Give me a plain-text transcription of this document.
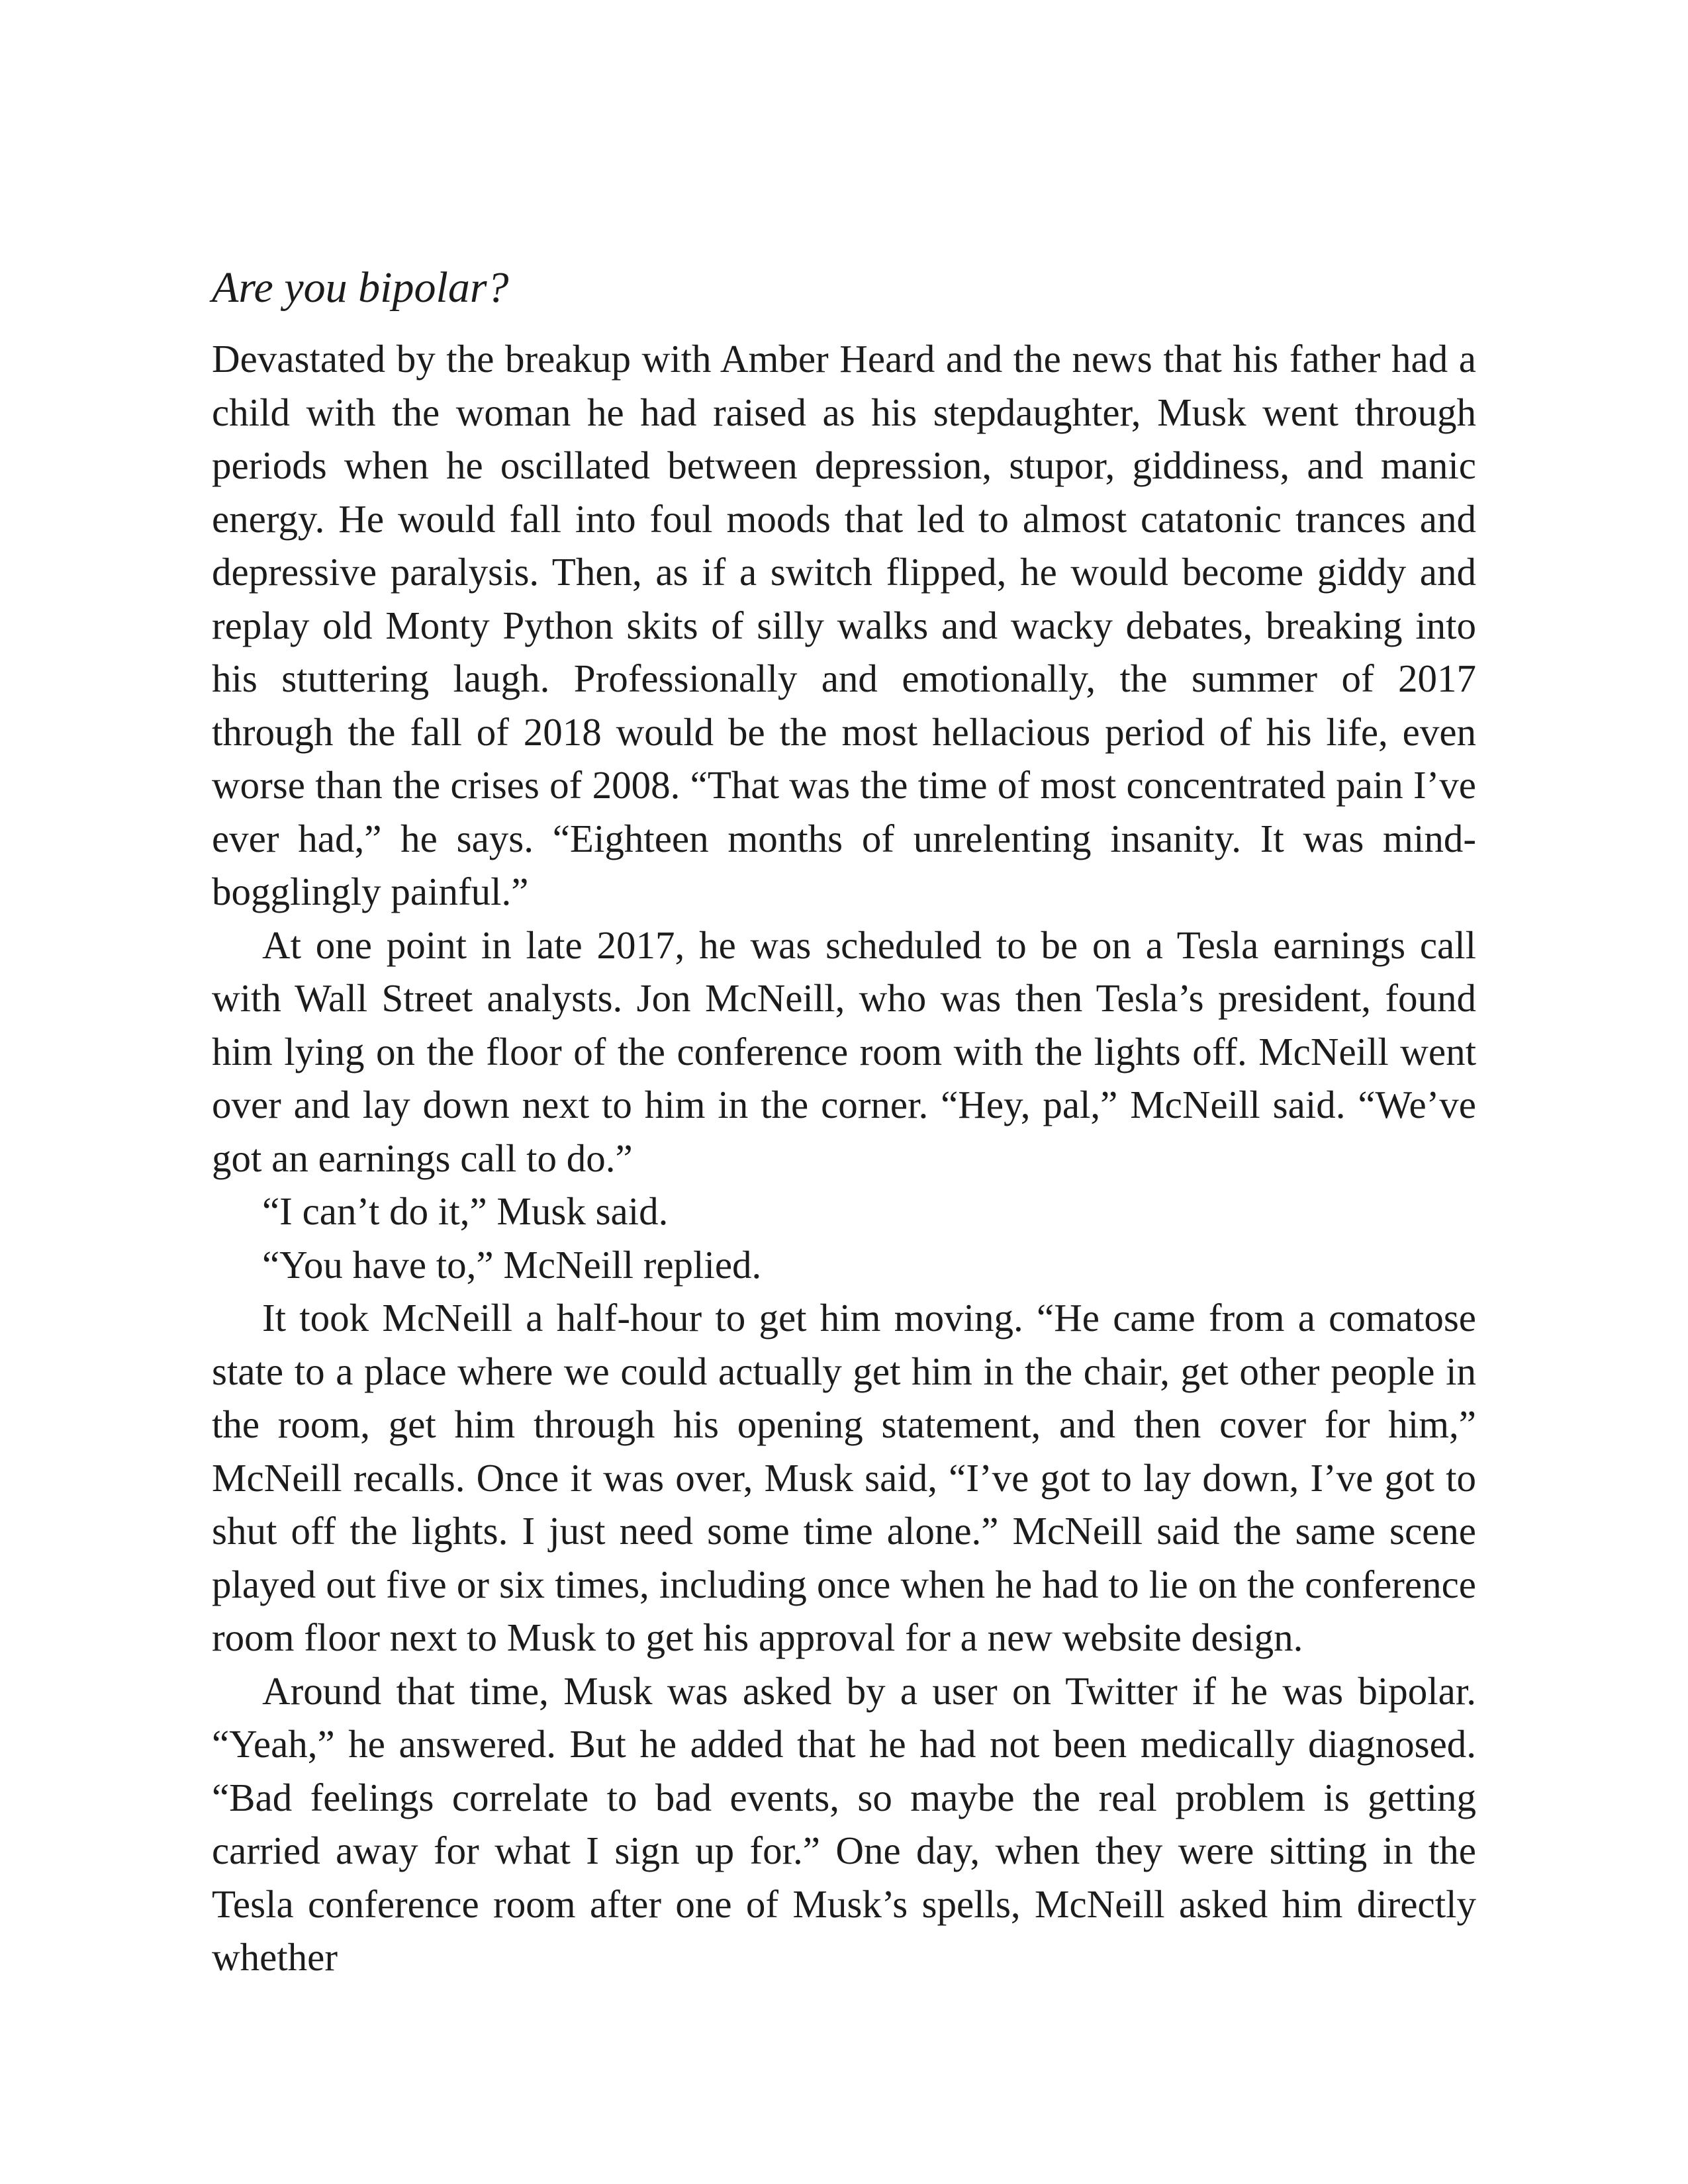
Are you bipolar?

Devastated by the breakup with Amber Heard and the news that his father had a child with the woman he had raised as his stepdaughter, Musk went through periods when he oscillated between depression, stupor, giddiness, and manic energy. He would fall into foul moods that led to almost catatonic trances and depressive paralysis. Then, as if a switch flipped, he would become giddy and replay old Monty Python skits of silly walks and wacky debates, breaking into his stuttering laugh. Professionally and emotionally, the summer of 2017 through the fall of 2018 would be the most hellacious period of his life, even worse than the crises of 2008. “That was the time of most concentrated pain I’ve ever had,” he says. “Eighteen months of unrelenting insanity. It was mind-bogglingly painful.”

At one point in late 2017, he was scheduled to be on a Tesla earnings call with Wall Street analysts. Jon McNeill, who was then Tesla’s president, found him lying on the floor of the conference room with the lights off. McNeill went over and lay down next to him in the corner. “Hey, pal,” McNeill said. “We’ve got an earnings call to do.”

“I can’t do it,” Musk said.

“You have to,” McNeill replied.

It took McNeill a half-hour to get him moving. “He came from a comatose state to a place where we could actually get him in the chair, get other people in the room, get him through his opening statement, and then cover for him,” McNeill recalls. Once it was over, Musk said, “I’ve got to lay down, I’ve got to shut off the lights. I just need some time alone.” McNeill said the same scene played out five or six times, including once when he had to lie on the conference room floor next to Musk to get his approval for a new website design.

Around that time, Musk was asked by a user on Twitter if he was bipolar. “Yeah,” he answered. But he added that he had not been medically diagnosed. “Bad feelings correlate to bad events, so maybe the real problem is getting carried away for what I sign up for.” One day, when they were sitting in the Tesla conference room after one of Musk’s spells, McNeill asked him directly whether
